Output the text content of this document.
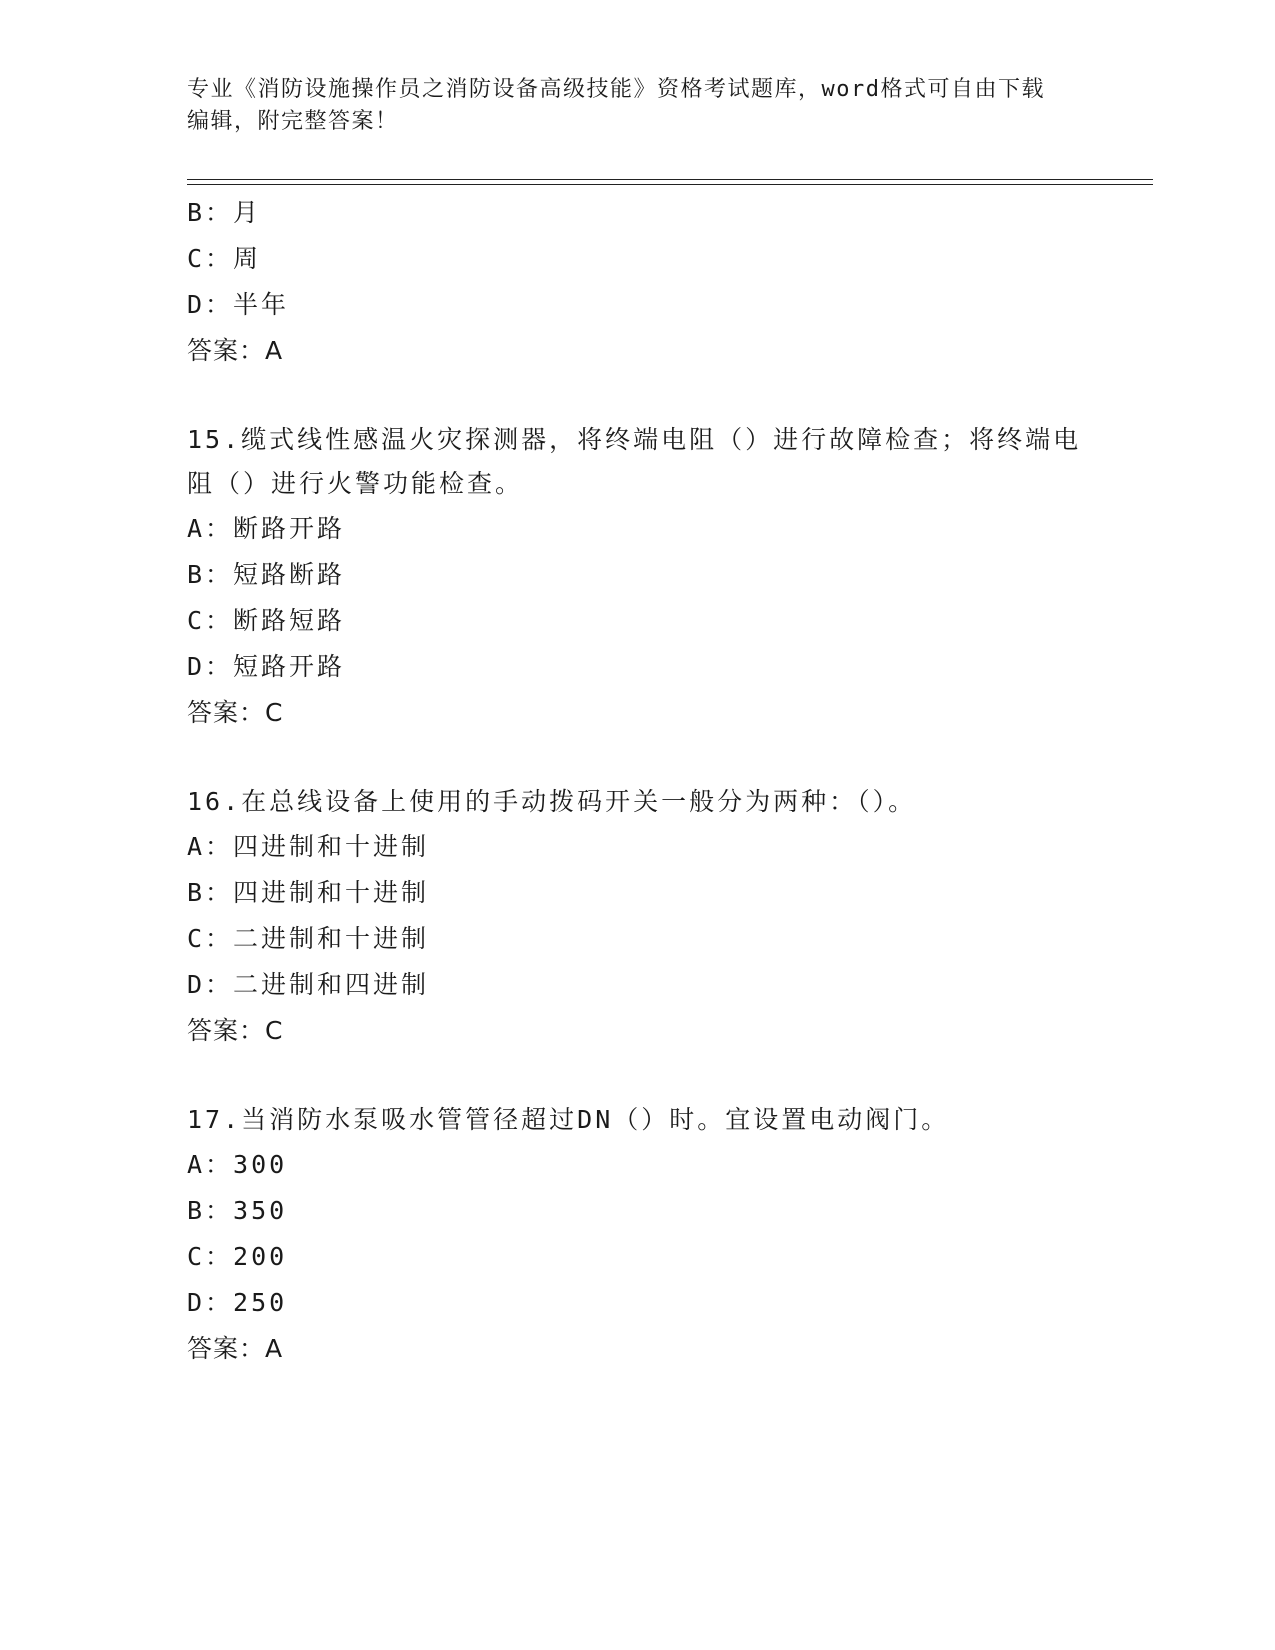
专业《消防设施操作员之消防设备高级技能》资格考试题库，word格式可自由下载编辑，附完整答案！
B：月
C：周
D：半年
答案：A
15.缆式线性感温火灾探测器，将终端电阻（）进行故障检查；将终端电阻（）进行火警功能检查。
A：断路开路
B：短路断路
C：断路短路
D：短路开路
答案：C
16.在总线设备上使用的手动拨码开关一般分为两种：（）。
A：四进制和十进制
B：四进制和十进制
C：二进制和十进制
D：二进制和四进制
答案：C
17.当消防水泵吸水管管径超过DN（）时。宜设置电动阀门。
A：300
B：350
C：200
D：250
答案：A
